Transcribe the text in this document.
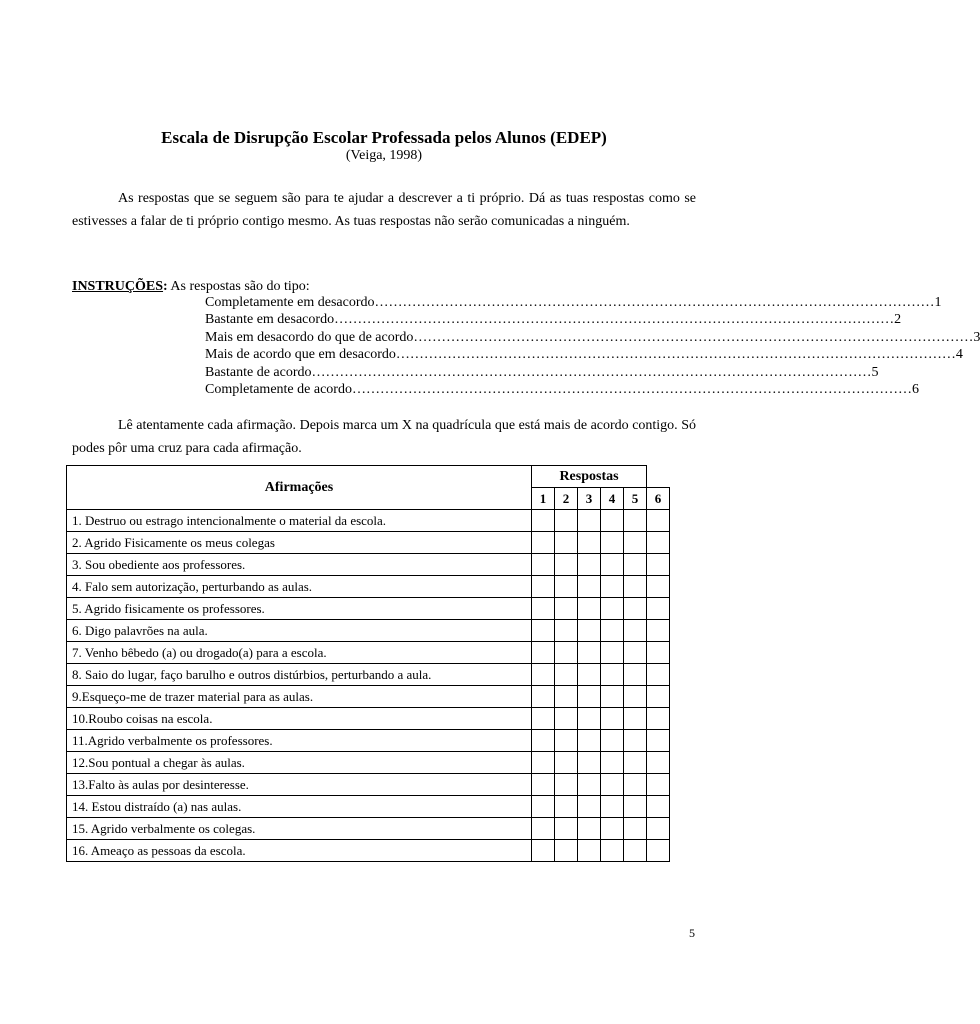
Escala de Disrupção Escolar Professada pelos Alunos (EDEP)
(Veiga, 1998)

As respostas que se seguem são para te ajudar a descrever a ti próprio. Dá as tuas respostas como se estivesses a falar de ti próprio contigo mesmo. As tuas respostas não serão comunicadas a ninguém.

INSTRUÇÕES: As respostas são do tipo:
Completamente em desacordo ………………………………………………………………………………………………………… 1
Bastante em desacordo ………………………………………………………………………………………………………… 2
Mais em desacordo do que de acordo ………………………………………………………………………………………………………… 3
Mais de acordo que em desacordo ………………………………………………………………………………………………………… 4
Bastante de acordo ………………………………………………………………………………………………………… 5
Completamente de acordo ………………………………………………………………………………………………………… 6

Lê atentamente cada afirmação. Depois marca um X na quadrícula que está mais de acordo contigo. Só podes pôr uma cruz para cada afirmação.

Afirmações	Respostas					
	1	2	3	4	5	6
1. Destruo ou estrago intencionalmente o material da escola.						
2. Agrido Fisicamente os meus colegas						
3. Sou obediente aos professores.						
4. Falo sem autorização, perturbando as aulas.						
5. Agrido fisicamente os professores.						
6. Digo palavrões na aula.						
7. Venho bêbedo (a) ou drogado(a) para a escola.						
8. Saio do lugar, faço barulho e outros distúrbios, perturbando a aula.						
9.Esqueço-me de trazer material para as aulas.						
10.Roubo coisas na escola.						
11.Agrido verbalmente os professores.						
12.Sou pontual a chegar às aulas.						
13.Falto às aulas por desinteresse.						
14. Estou distraído (a) nas aulas.						
15. Agrido verbalmente os colegas.						
16. Ameaço as pessoas da escola.						
5
